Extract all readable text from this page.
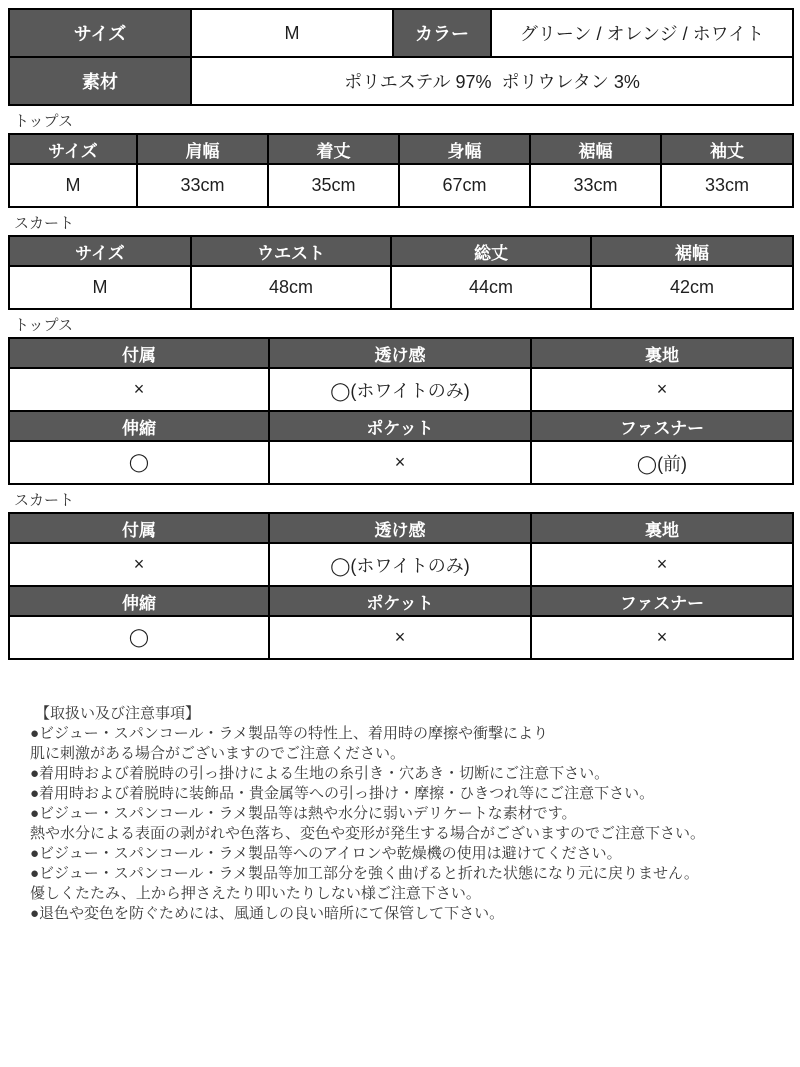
サイズ	M	カラー	グリーン / オレンジ / ホワイト
素材	ポリエステル 97%  ポリウレタン 3%		
トップス
サイズ	肩幅	着丈	身幅	裾幅	袖丈
M	33cm	35cm	67cm	33cm	33cm
スカート
サイズ	ウエスト	総丈	裾幅
M	48cm	44cm	42cm
トップス
付属	透け感	裏地
×	◯(ホワイトのみ)	×
伸縮	ポケット	ファスナー
◯	×	◯(前)
スカート
付属	透け感	裏地
×	◯(ホワイトのみ)	×
伸縮	ポケット	ファスナー
◯	×	×
【取扱い及び注意事項】
●ビジュー・スパンコール・ラメ製品等の特性上、着用時の摩擦や衝撃により
肌に刺激がある場合がございますのでご注意ください。
●着用時および着脱時の引っ掛けによる生地の糸引き・穴あき・切断にご注意下さい。
●着用時および着脱時に装飾品・貴金属等への引っ掛け・摩擦・ひきつれ等にご注意下さい。
●ビジュー・スパンコール・ラメ製品等は熱や水分に弱いデリケートな素材です。
熱や水分による表面の剥がれや色落ち、変色や変形が発生する場合がございますのでご注意下さい。
●ビジュー・スパンコール・ラメ製品等へのアイロンや乾燥機の使用は避けてください。
●ビジュー・スパンコール・ラメ製品等加工部分を強く曲げると折れた状態になり元に戻りません。
優しくたたみ、上から押さえたり叩いたりしない様ご注意下さい。
●退色や変色を防ぐためには、風通しの良い暗所にて保管して下さい。
